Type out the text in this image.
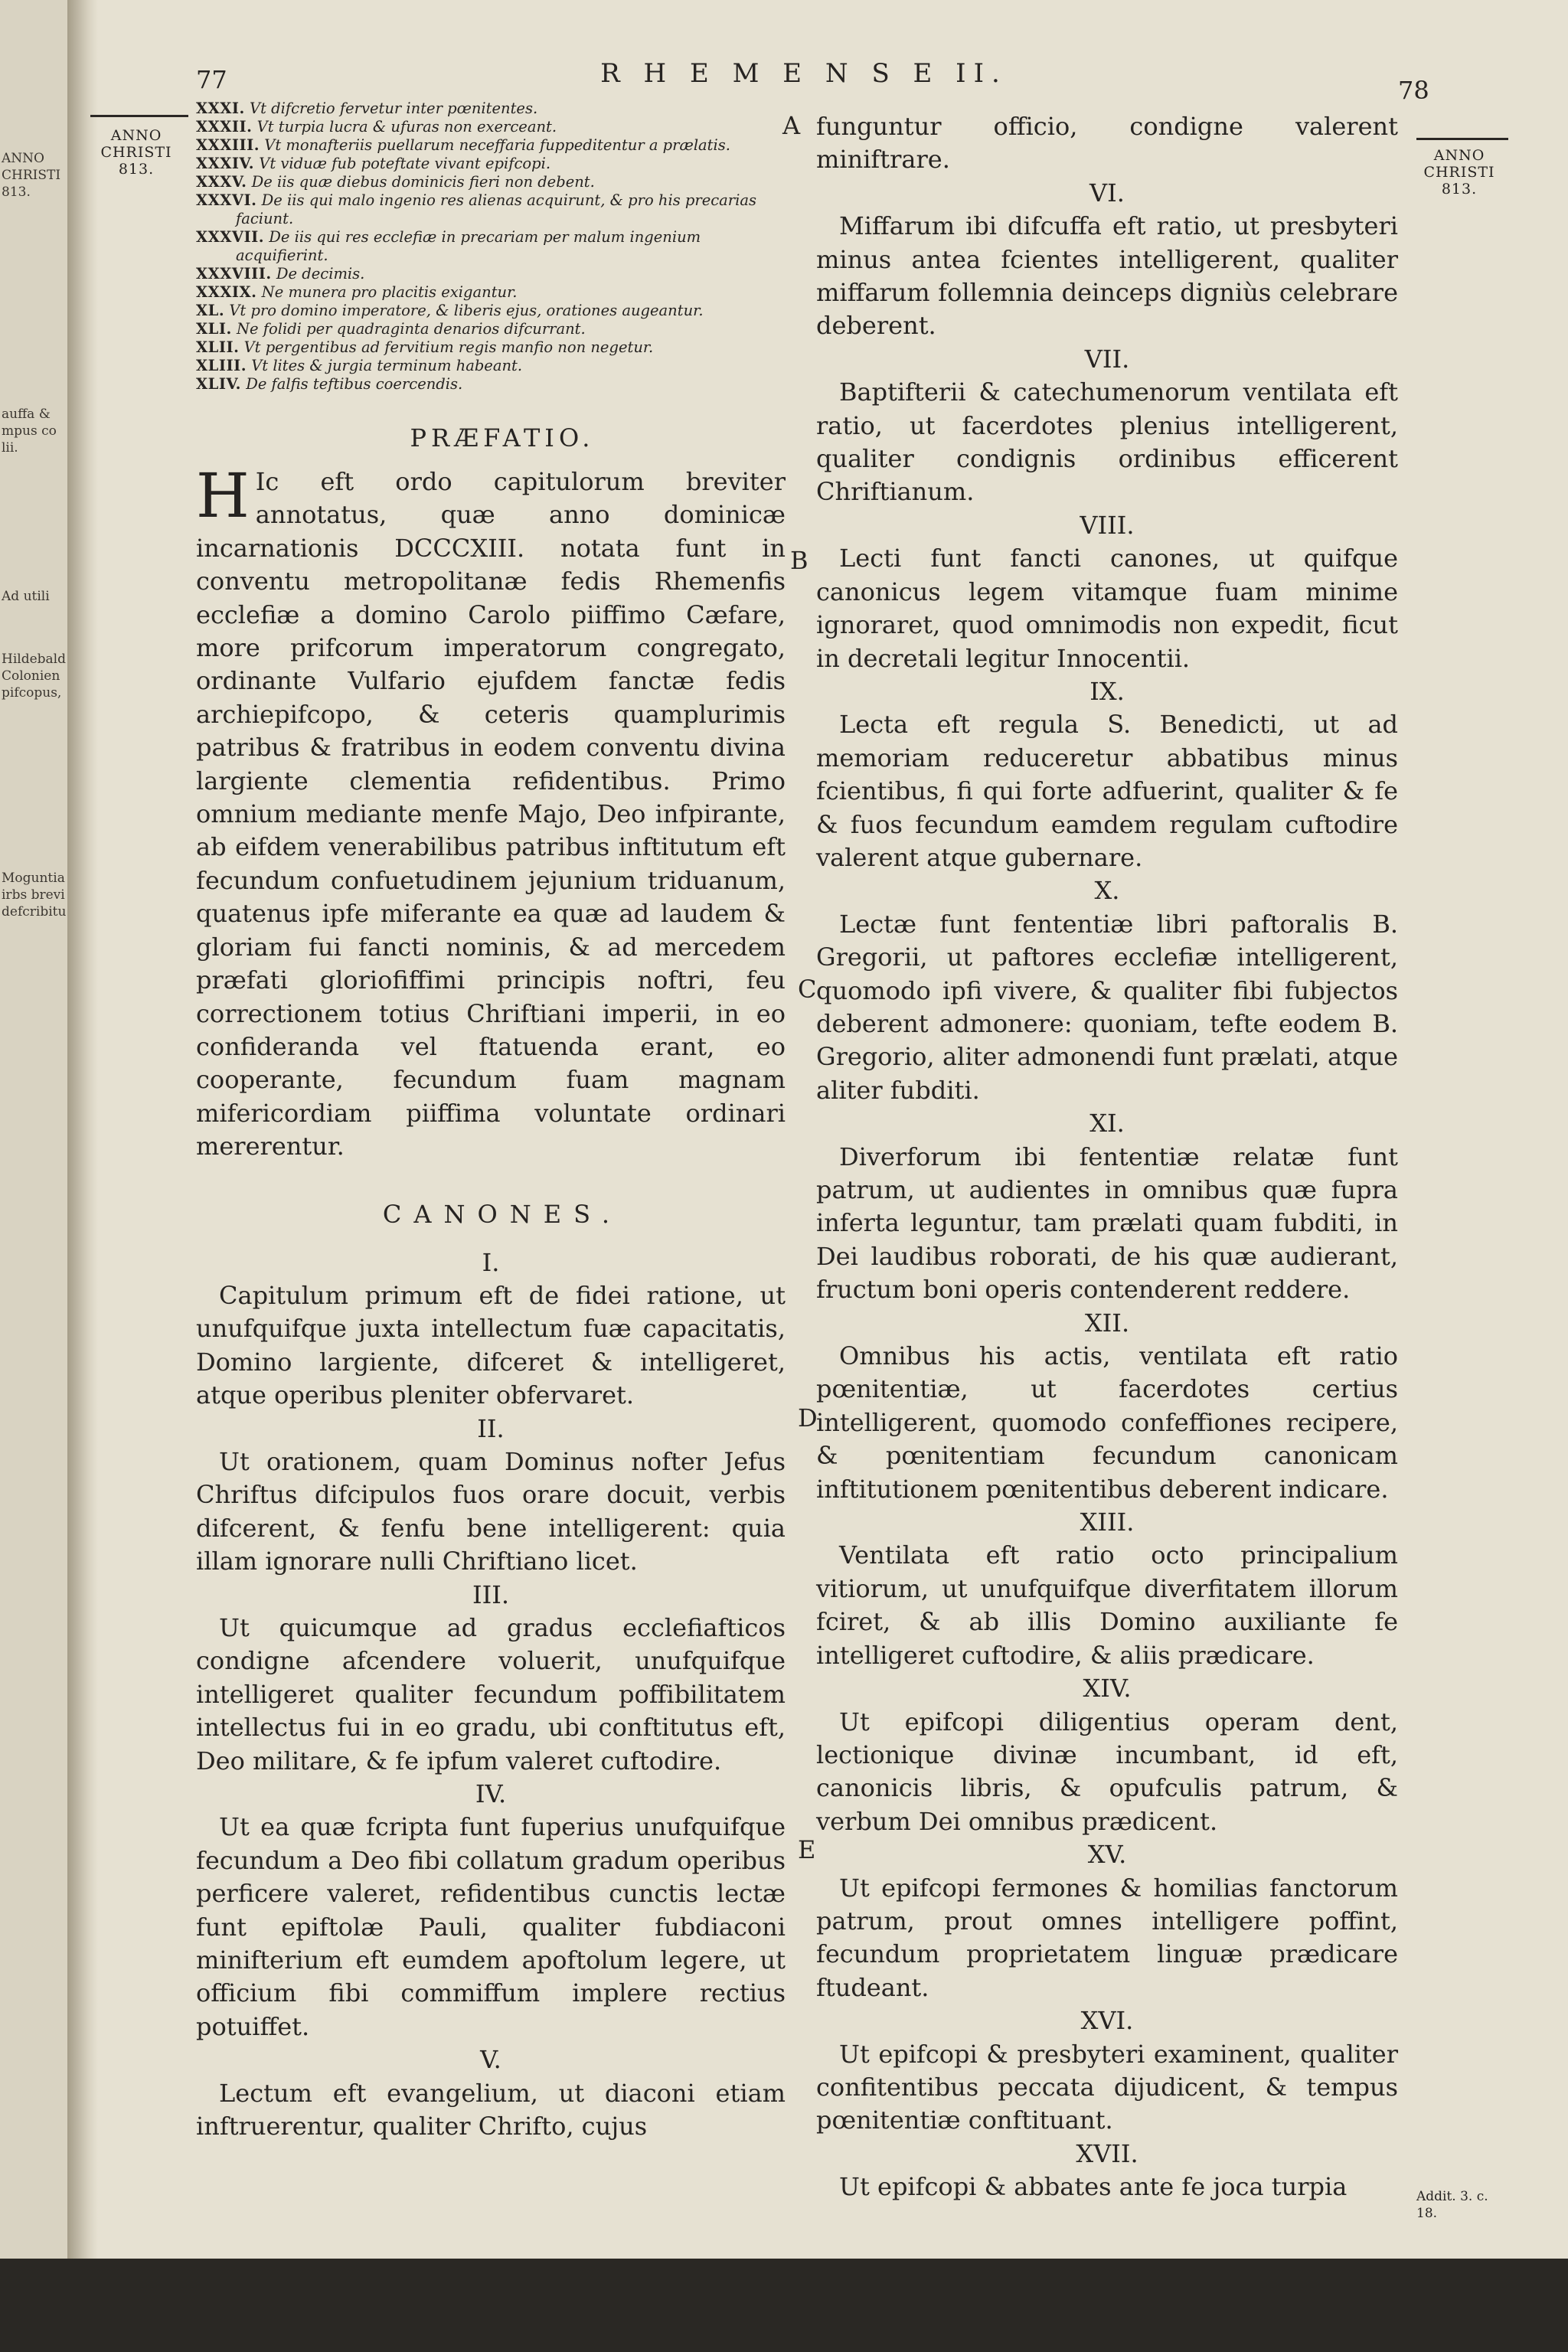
ANNO
CHRISTI
813.
auffa &
mpus co
lii.
Ad utili
Hildebald
Colonien
pifcopus,
Moguntia
irbs brevi
defcribitu
77	R H E M E N S E II.
78
ANNO
CHRISTI
813.
ANNO
CHRISTI
813.

XXXI. Vt difcretio fervetur inter pœnitentes.

XXXII. Vt turpia lucra & ufuras non exerceant.

XXXIII. Vt monafteriis puellarum neceffaria fuppeditentur a prælatis.

XXXIV. Vt viduæ fub poteftate vivant epifcopi.

XXXV. De iis quæ diebus dominicis fieri non debent.

XXXVI. De iis qui malo ingenio res alienas acquirunt, & pro his precarias faciunt.

XXXVII. De iis qui res ecclefiæ in precariam per malum ingenium acquifierint.

XXXVIII. De decimis.

XXXIX. Ne munera pro placitis exigantur.

XL. Vt pro domino imperatore, & liberis ejus, orationes augeantur.

XLI. Ne folidi per quadraginta denarios difcurrant.

XLII. Vt pergentibus ad fervitium regis manfio non negetur.

XLIII. Vt lites & jurgia terminum habeant.

XLIV. De falfis teftibus coercendis.

PRÆFATIO.

H Ic eft ordo capitulorum breviter annotatus, quæ anno dominicæ incarnationis DCCCXIII. notata funt in conventu metropolitanæ fedis Rhemenfis ecclefiæ a domino Carolo piiffimo Cæfare, more prifcorum imperatorum congregato, ordinante Vulfario ejufdem fanctæ fedis archiepifcopo, & ceteris quamplurimis patribus & fratribus in eodem conventu divina largiente clementia refidentibus. Primo omnium mediante menfe Majo, Deo infpirante, ab eifdem venerabilibus patribus inftitutum eft fecundum confuetudinem jejunium triduanum, quatenus ipfe miferante ea quæ ad laudem & gloriam fui fancti nominis, & ad mercedem præfati gloriofiffimi principis noftri, feu correctionem totius Chriftiani imperii, in eo confideranda vel ftatuenda erant, eo cooperante, fecundum fuam magnam mifericordiam piiffima voluntate ordinari mererentur.

CANONES.

I.

Capitulum primum eft de fidei ratione, ut unufquifque juxta intellectum fuæ capacitatis, Domino largiente, difceret & intelligeret, atque operibus pleniter obfervaret.

II.

Ut orationem, quam Dominus nofter Jefus Chriftus difcipulos fuos orare docuit, verbis difcerent, & fenfu bene intelligerent: quia illam ignorare nulli Chriftiano licet.

III.

Ut quicumque ad gradus ecclefiafticos condigne afcendere voluerit, unufquifque intelligeret qualiter fecundum poffibilitatem intellectus fui in eo gradu, ubi conftitutus eft, Deo militare, & fe ipfum valeret cuftodire.

IV.

Ut ea quæ fcripta funt fuperius unufquifque fecundum a Deo fibi collatum gradum operibus perficere valeret, refidentibus cunctis lectæ funt epiftolæ Pauli, qualiter fubdiaconi minifterium eft eumdem apoftolum legere, ut officium fibi commiffum implere rectius potuiffet.

V.

Lectum eft evangelium, ut diaconi etiam inftruerentur, qualiter Chrifto, cujus

funguntur officio, condigne valerent miniftrare.

VI.

Miffarum ibi difcuffa eft ratio, ut presbyteri minus antea fcientes intelligerent, qualiter miffarum follemnia deinceps digniùs celebrare deberent.

VII.

Baptifterii & catechumenorum ventilata eft ratio, ut facerdotes plenius intelligerent, qualiter condignis ordinibus efficerent Chriftianum.

VIII.

Lecti funt fancti canones, ut quifque canonicus legem vitamque fuam minime ignoraret, quod omnimodis non expedit, ficut in decretali legitur Innocentii.

IX.

Lecta eft regula S. Benedicti, ut ad memoriam reduceretur abbatibus minus fcientibus, fi qui forte adfuerint, qualiter & fe & fuos fecundum eamdem regulam cuftodire valerent atque gubernare.

X.

Lectæ funt fententiæ libri paftoralis B. Gregorii, ut paftores ecclefiæ intelligerent, quomodo ipfi vivere, & qualiter fibi fubjectos deberent admonere: quoniam, tefte eodem B. Gregorio, aliter admonendi funt prælati, atque aliter fubditi.

XI.

Diverforum ibi fententiæ relatæ funt patrum, ut audientes in omnibus quæ fupra inferta leguntur, tam prælati quam fubditi, in Dei laudibus roborati, de his quæ audierant, fructum boni operis contenderent reddere.

XII.

Omnibus his actis, ventilata eft ratio pœnitentiæ, ut facerdotes certius intelligerent, quomodo confeffiones recipere, & pœnitentiam fecundum canonicam inftitutionem pœnitentibus deberent indicare.

XIII.

Ventilata eft ratio octo principalium vitiorum, ut unufquifque diverfitatem illorum fciret, & ab illis Domino auxiliante fe intelligeret cuftodire, & aliis prædicare.

XIV.

Ut epifcopi diligentius operam dent, lectionique divinæ incumbant, id eft, canonicis libris, & opufculis patrum, & verbum Dei omnibus prædicent.

XV.

Ut epifcopi fermones & homilias fanctorum patrum, prout omnes intelligere poffint, fecundum proprietatem linguæ prædicare ftudeant.

XVI.

Ut epifcopi & presbyteri examinent, qualiter confitentibus peccata dijudicent, & tempus pœnitentiæ conftituant.

XVII.

Ut epifcopi & abbates ante fe joca turpia

A
B
C
D
E
Addit. 3. c.
18.
